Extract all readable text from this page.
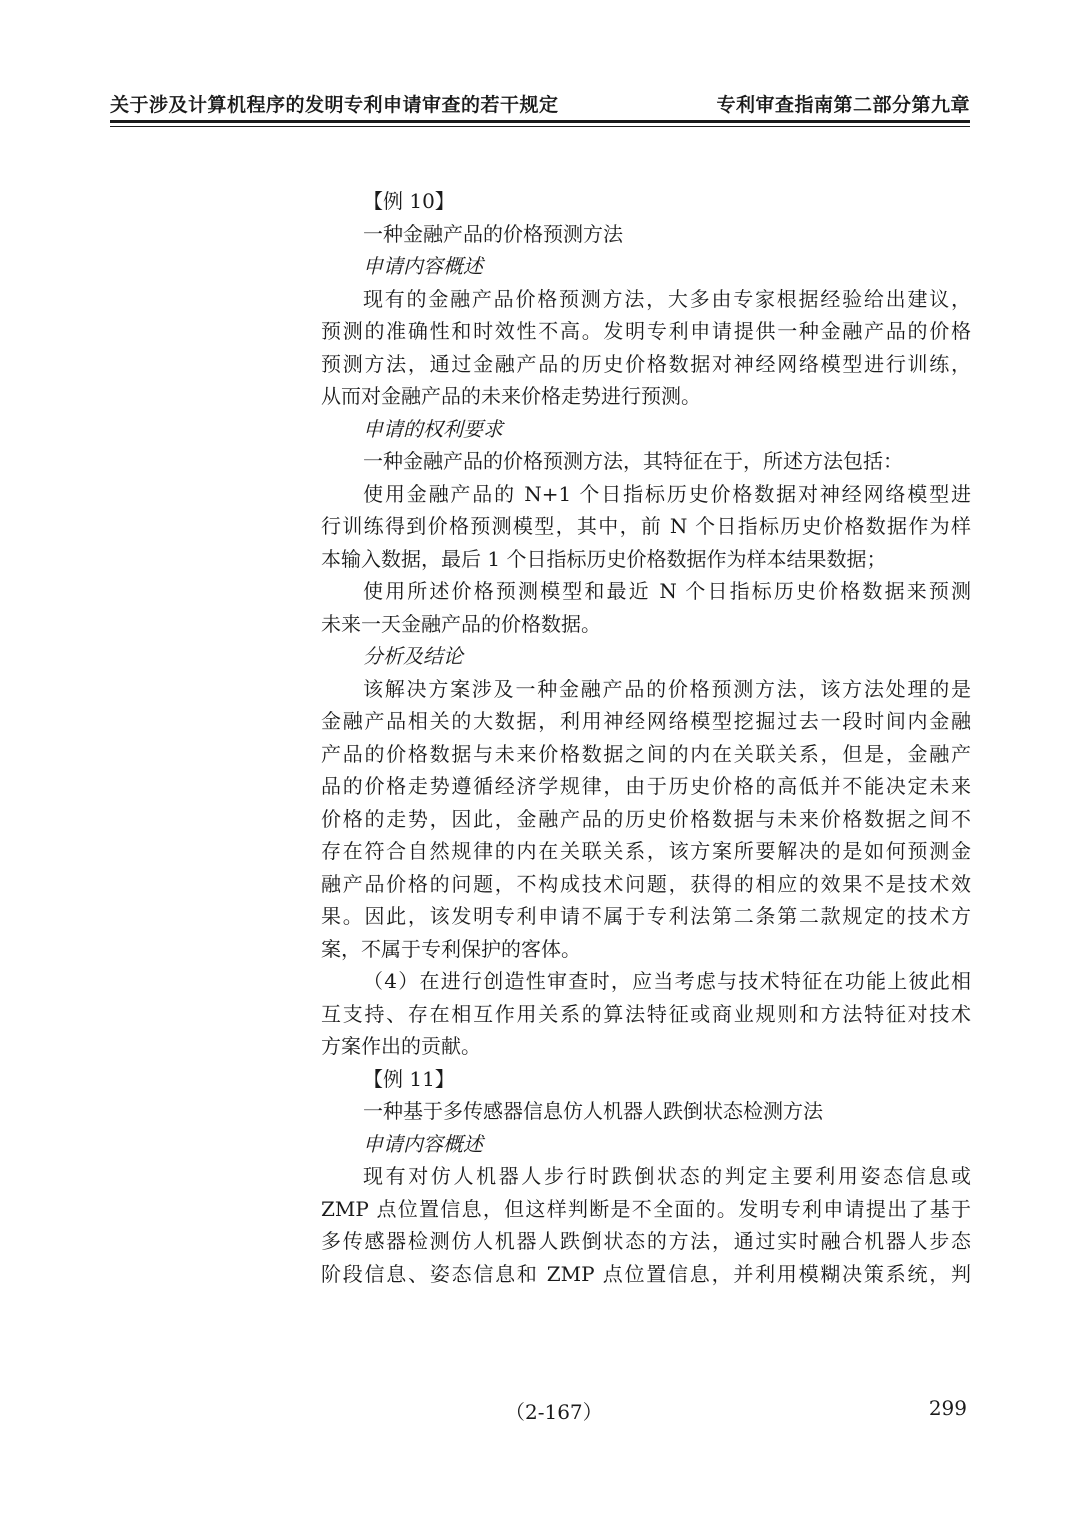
关于涉及计算机程序的发明专利申请审查的若干规定	专利审查指南第二部分第九章
【例 10】
一种金融产品的价格预测方法
申请内容概述
现有的金融产品价格预测方法，大多由专家根据经验给出建议，
预测的准确性和时效性不高。发明专利申请提供一种金融产品的价格
预测方法，通过金融产品的历史价格数据对神经网络模型进行训练，
从而对金融产品的未来价格走势进行预测。
申请的权利要求
一种金融产品的价格预测方法，其特征在于，所述方法包括：
使用金融产品的 N+1 个日指标历史价格数据对神经网络模型进
行训练得到价格预测模型，其中，前 N 个日指标历史价格数据作为样
本输入数据，最后 1 个日指标历史价格数据作为样本结果数据；
使用所述价格预测模型和最近 N 个日指标历史价格数据来预测
未来一天金融产品的价格数据。
分析及结论
该解决方案涉及一种金融产品的价格预测方法，该方法处理的是
金融产品相关的大数据，利用神经网络模型挖掘过去一段时间内金融
产品的价格数据与未来价格数据之间的内在关联关系，但是，金融产
品的价格走势遵循经济学规律，由于历史价格的高低并不能决定未来
价格的走势，因此，金融产品的历史价格数据与未来价格数据之间不
存在符合自然规律的内在关联关系，该方案所要解决的是如何预测金
融产品价格的问题，不构成技术问题，获得的相应的效果不是技术效
果。因此，该发明专利申请不属于专利法第二条第二款规定的技术方
案，不属于专利保护的客体。
（4）在进行创造性审查时，应当考虑与技术特征在功能上彼此相
互支持、存在相互作用关系的算法特征或商业规则和方法特征对技术
方案作出的贡献。
【例 11】
一种基于多传感器信息仿人机器人跌倒状态检测方法
申请内容概述
现有对仿人机器人步行时跌倒状态的判定主要利用姿态信息或
ZMP 点位置信息，但这样判断是不全面的。发明专利申请提出了基于
多传感器检测仿人机器人跌倒状态的方法，通过实时融合机器人步态
阶段信息、姿态信息和 ZMP 点位置信息，并利用模糊决策系统，判
（2-167）	299
